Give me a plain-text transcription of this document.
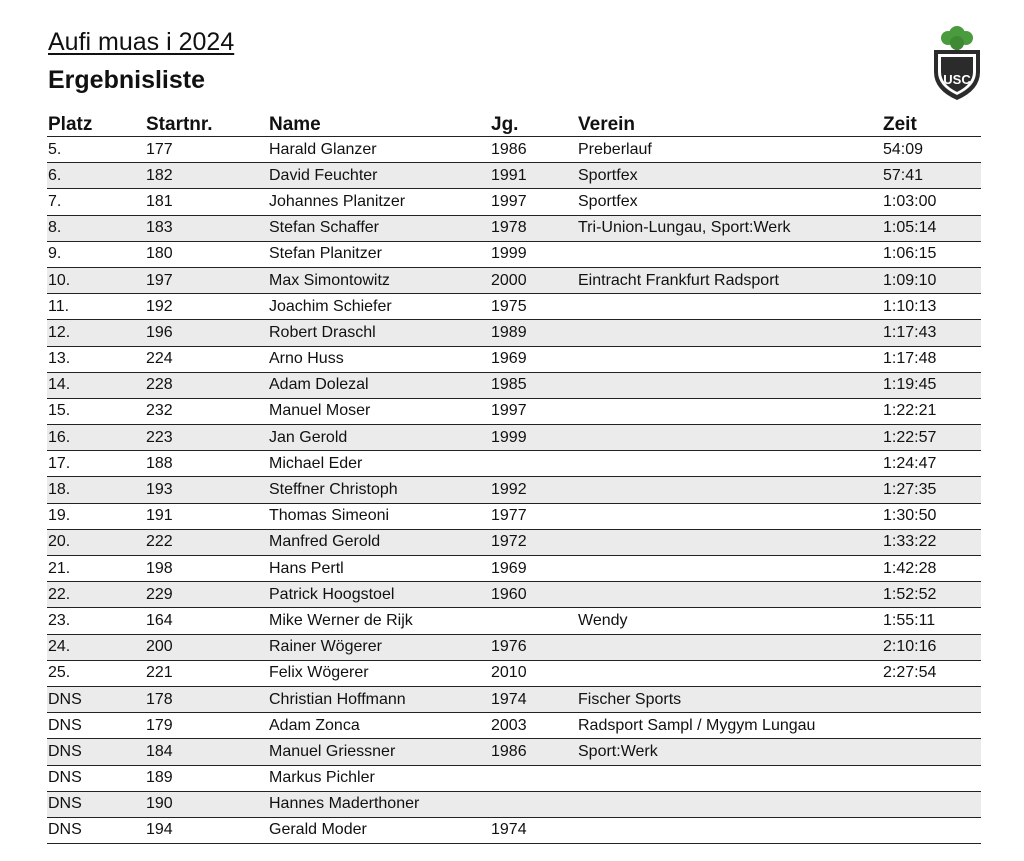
Aufi muas i 2024
Ergebnisliste	USC
Platz	Startnr.	Name	Jg.	Verein	Zeit
5.	177	Harald Glanzer	1986	Preberlauf	54:09
6.	182	David Feuchter	1991	Sportfex	57:41
7.	181	Johannes Planitzer	1997	Sportfex	1:03:00
8.	183	Stefan Schaffer	1978	Tri-Union-Lungau, Sport:Werk	1:05:14
9.	180	Stefan Planitzer	1999		1:06:15
10.	197	Max Simontowitz	2000	Eintracht Frankfurt Radsport	1:09:10
11.	192	Joachim Schiefer	1975		1:10:13
12.	196	Robert Draschl	1989		1:17:43
13.	224	Arno Huss	1969		1:17:48
14.	228	Adam Dolezal	1985		1:19:45
15.	232	Manuel Moser	1997		1:22:21
16.	223	Jan Gerold	1999		1:22:57
17.	188	Michael Eder			1:24:47
18.	193	Steffner Christoph	1992		1:27:35
19.	191	Thomas Simeoni	1977		1:30:50
20.	222	Manfred Gerold	1972		1:33:22
21.	198	Hans Pertl	1969		1:42:28
22.	229	Patrick Hoogstoel	1960		1:52:52
23.	164	Mike Werner de Rijk		Wendy	1:55:11
24.	200	Rainer Wögerer	1976		2:10:16
25.	221	Felix Wögerer	2010		2:27:54
DNS	178	Christian Hoffmann	1974	Fischer Sports	
DNS	179	Adam Zonca	2003	Radsport Sampl / Mygym Lungau	
DNS	184	Manuel Griessner	1986	Sport:Werk	
DNS	189	Markus Pichler			
DNS	190	Hannes Maderthoner			
DNS	194	Gerald Moder	1974		
